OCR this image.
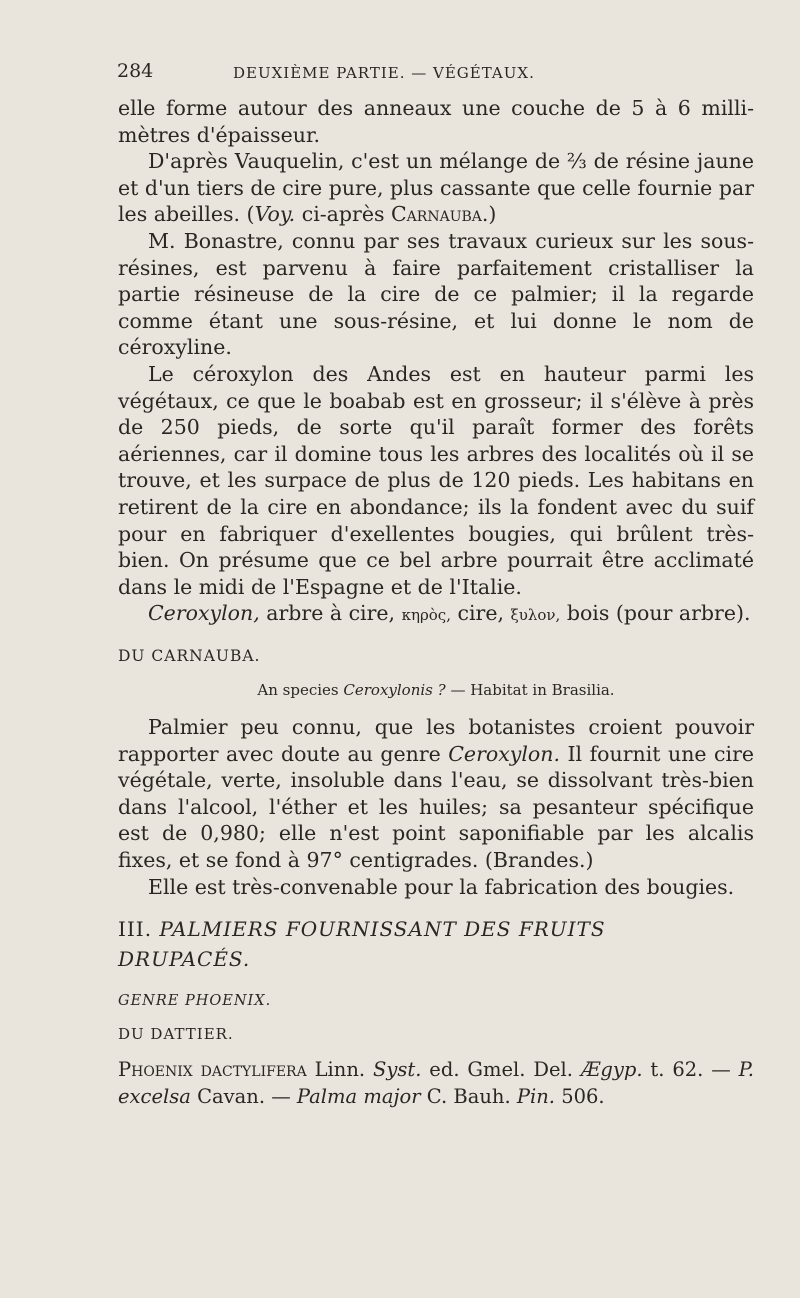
284	DEUXIÈME PARTIE. — VÉGÉTAUX.

elle forme autour des anneaux une couche de 5 à 6 milli-mètres d'épaisseur.

D'après Vauquelin, c'est un mélange de ⅔ de résine jaune et d'un tiers de cire pure, plus cassante que celle fournie par les abeilles. (Voy. ci-après Carnauba.)

M. Bonastre, connu par ses travaux curieux sur les sous-résines, est parvenu à faire parfaitement cristalliser la partie résineuse de la cire de ce palmier; il la regarde comme étant une sous-résine, et lui donne le nom de céroxyline.

Le céroxylon des Andes est en hauteur parmi les végétaux, ce que le boabab est en grosseur; il s'élève à près de 250 pieds, de sorte qu'il paraît former des forêts aériennes, car il domine tous les arbres des localités où il se trouve, et les surpace de plus de 120 pieds. Les habitans en retirent de la cire en abondance; ils la fondent avec du suif pour en fabriquer d'exellentes bougies, qui brûlent très-bien. On présume que ce bel arbre pourrait être acclimaté dans le midi de l'Espagne et de l'Italie.

Ceroxylon, arbre à cire, κηρὸς, cire, ξυλον, bois (pour arbre).

DU CARNAUBA.

An species Ceroxylonis ? — Habitat in Brasilia.

Palmier peu connu, que les botanistes croient pouvoir rapporter avec doute au genre Ceroxylon. Il fournit une cire végétale, verte, insoluble dans l'eau, se dissolvant très-bien dans l'alcool, l'éther et les huiles; sa pesanteur spécifique est de 0,980; elle n'est point saponifiable par les alcalis fixes, et se fond à 97° centigrades. (Brandes.)

Elle est très-convenable pour la fabrication des bougies.

III. PALMIERS FOURNISSANT DES FRUITS
DRUPACÉS.

GENRE PHOENIX.

DU DATTIER.

Phoenix dactylifera Linn. Syst. ed. Gmel. Del. Ægyp. t. 62. — P. excelsa Cavan. — Palma major C. Bauh. Pin. 506.
